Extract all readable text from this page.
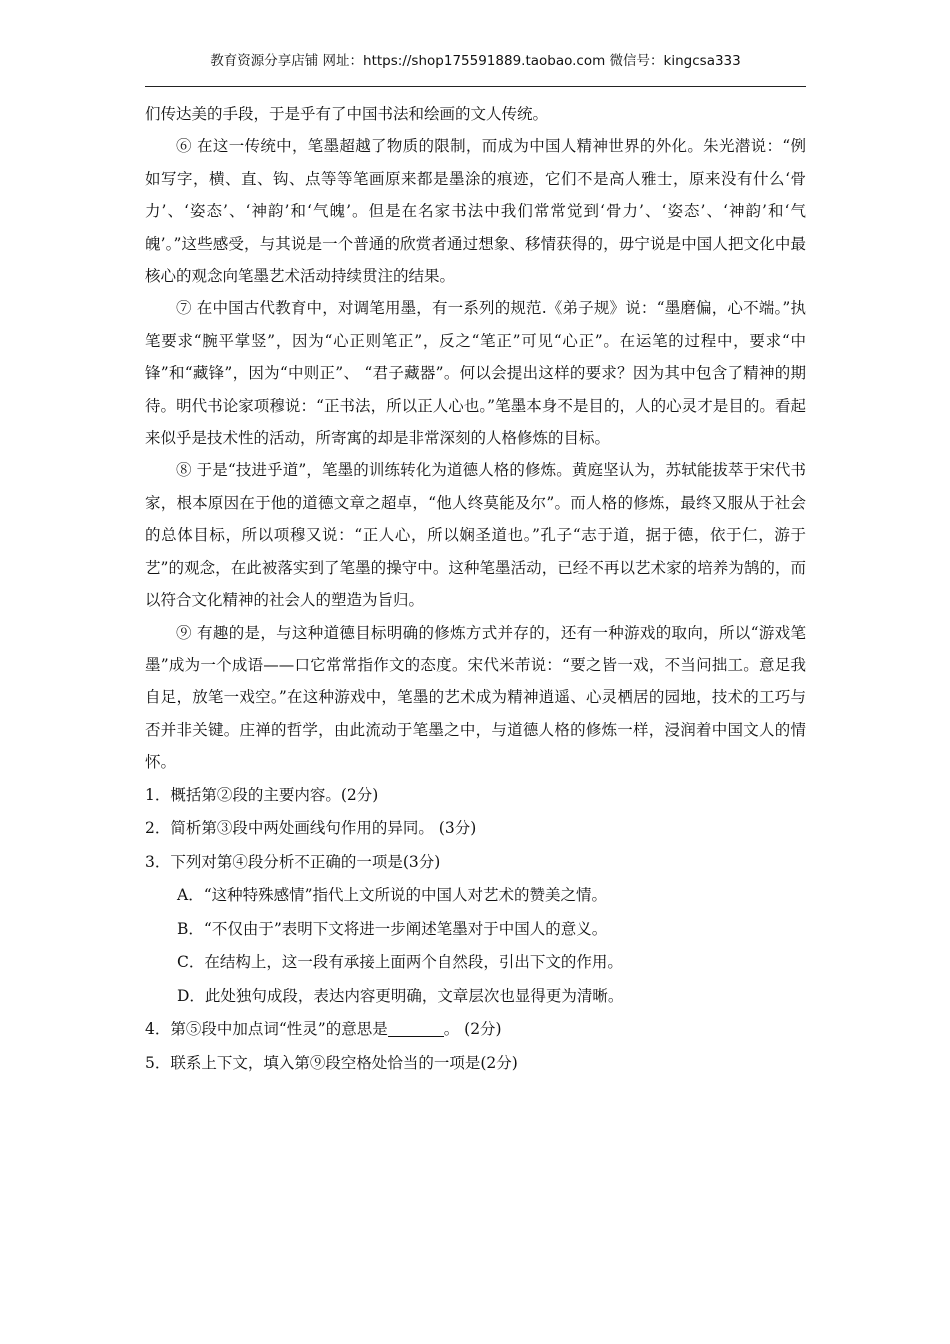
教育资源分享店铺 网址：https://shop175591889.taobao.com 微信号：kingcsa333

们传达美的手段，于是乎有了中国书法和绘画的文人传统。

⑥ 在这一传统中，笔墨超越了物质的限制，而成为中国人精神世界的外化。朱光潜说：“例如写字，横、直、钩、点等等笔画原来都是墨涂的痕迹，它们不是高人雅士，原来没有什么‘骨力’、‘姿态’、‘神韵’和‘气魄’。但是在名家书法中我们常常觉到‘骨力’、‘姿态’、‘神韵’和‘气魄’。”这些感受，与其说是一个普通的欣赏者通过想象、移情获得的，毋宁说是中国人把文化中最核心的观念向笔墨艺术活动持续贯注的结果。

⑦ 在中国古代教育中，对调笔用墨，有一系列的规范.《弟子规》说：“墨磨偏，心不端。”执笔要求“腕平掌竖”，因为“心正则笔正”，反之“笔正”可见“心正”。在运笔的过程中，要求“中锋”和“藏锋”，因为“中则正”、 “君子藏器”。何以会提出这样的要求？因为其中包含了精神的期待。明代书论家项穆说：“正书法，所以正人心也。”笔墨本身不是目的，人的心灵才是目的。看起来似乎是技术性的活动，所寄寓的却是非常深刻的人格修炼的目标。

⑧ 于是“技进乎道”，笔墨的训练转化为道德人格的修炼。黄庭坚认为，苏轼能拔萃于宋代书家，根本原因在于他的道德文章之超卓，“他人终莫能及尔”。而人格的修炼，最终又服从于社会的总体目标，所以项穆又说：“正人心，所以娴圣道也。”孔子“志于道，据于德，依于仁，游于艺”的观念，在此被落实到了笔墨的操守中。这种笔墨活动，已经不再以艺术家的培养为鹄的，而以符合文化精神的社会人的塑造为旨归。

⑨ 有趣的是，与这种道德目标明确的修炼方式并存的，还有一种游戏的取向，所以“游戏笔墨”成为一个成语——口它常常指作文的态度。宋代米芾说：“要之皆一戏，不当问拙工。意足我自足，放笔一戏空。”在这种游戏中，笔墨的艺术成为精神逍遥、心灵栖居的园地，技术的工巧与否并非关键。庄禅的哲学，由此流动于笔墨之中，与道德人格的修炼一样，浸润着中国文人的情怀。

1．概括第②段的主要内容。(2分)

2．简析第③段中两处画线句作用的异同。 (3分)

3．下列对第④段分析不正确的一项是(3分)

A．“这种特殊感情”指代上文所说的中国人对艺术的赞美之情。

B．“不仅由于”表明下文将进一步阐述笔墨对于中国人的意义。

C．在结构上，这一段有承接上面两个自然段，引出下文的作用。

D．此处独句成段，表达内容更明确，文章层次也显得更为清晰。

4．第⑤段中加点词“性灵”的意思是	。 (2分)

5．联系上下文，填入第⑨段空格处恰当的一项是(2分)
